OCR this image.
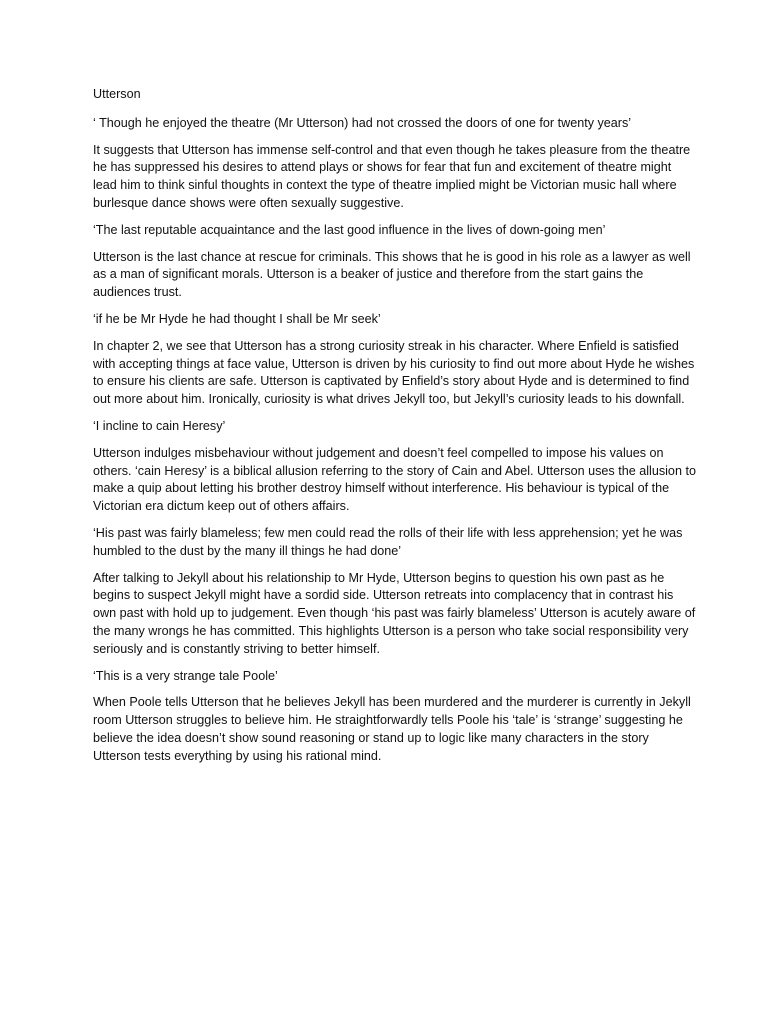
Utterson
‘ Though he enjoyed the theatre (Mr Utterson) had not crossed the doors of one for twenty years’
It suggests that Utterson has immense self-control and that even though he takes pleasure from the theatre he has suppressed his desires to attend plays or shows for fear that fun and excitement of theatre might lead him to think sinful thoughts in context the type of theatre implied might be Victorian music hall where burlesque dance shows were often sexually suggestive.
‘The last reputable acquaintance and the last good influence in the lives of down-going men’
Utterson is the last chance at rescue for criminals. This shows that he is good in his role as a lawyer as well as a man of significant morals. Utterson is a beaker of justice and therefore from the start gains the audiences trust.
‘if he be Mr Hyde he had thought I shall be Mr seek’
In chapter 2, we see that Utterson has a strong curiosity streak in his character. Where Enfield is satisfied with accepting things at face value, Utterson is driven by his curiosity to find out more about Hyde he wishes to ensure his clients are safe. Utterson is captivated by Enfield’s story about Hyde and is determined to find out more about him. Ironically, curiosity is what drives Jekyll too, but Jekyll’s curiosity leads to his downfall.
‘I incline to cain Heresy’
Utterson indulges misbehaviour without judgement and doesn’t feel compelled to impose his values on others. ‘cain Heresy’ is a biblical allusion referring to the story of Cain and Abel. Utterson uses the allusion to make a quip about letting his brother destroy himself without interference. His behaviour is typical of the Victorian era dictum keep out of others affairs.
‘His past was fairly blameless; few men could read the rolls of their life with less apprehension; yet he was humbled to the dust by the many ill things he had done’
After talking to Jekyll about his relationship to Mr Hyde, Utterson begins to question his own past as he begins to suspect Jekyll might have a sordid side. Utterson retreats into complacency that in contrast his own past with hold up to judgement. Even though ‘his past was fairly blameless’ Utterson is acutely aware of the many wrongs he has committed. This highlights Utterson is a person who take social responsibility very seriously and is constantly striving to better himself.
‘This is a very strange tale Poole’
When Poole tells Utterson that he believes Jekyll has been murdered and the murderer is currently in Jekyll room Utterson struggles to believe him. He straightforwardly tells Poole his ‘tale’ is ‘strange’ suggesting he believe the idea doesn’t show sound reasoning or stand up to logic like many characters in the story Utterson tests everything by using his rational mind.
